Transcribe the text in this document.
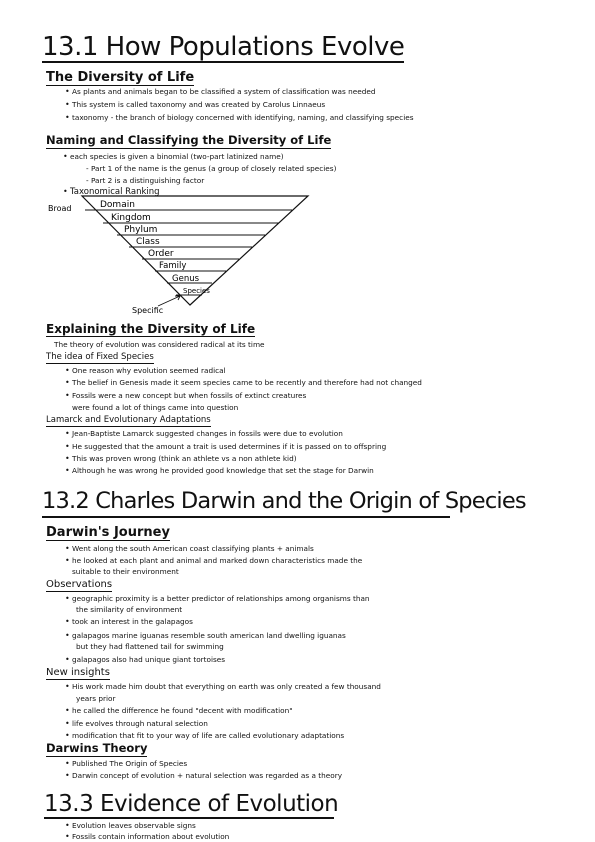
13.1 How Populations Evolve
The Diversity of Life
• As plants and animals began to be classified a system of classification was needed
• This system is called taxonomy and was created by Carolus Linnaeus
• taxonomy - the branch of biology concerned with identifying, naming, and classifying species
Naming and Classifying the Diversity of Life
• each species is given a binomial (two-part latinized name)
- Part 1 of the name is the genus (a group of closely related species)
- Part 2 is a distinguishing factor
• Taxonomical Ranking
Broad
Specific
Domain
Kingdom
Phylum
Class
Order
Family
Genus
Species
Explaining the Diversity of Life
The theory of evolution was considered radical at its time
The idea of Fixed Species
• One reason why evolution seemed radical
• The belief in Genesis made it seem species came to be recently and therefore had not changed
• Fossils were a new concept but when fossils of extinct creatures
were found a lot of things came into question
Lamarck and Evolutionary Adaptations
• Jean-Baptiste Lamarck suggested changes in fossils were due to evolution
• He suggested that the amount a trait is used determines if it is passed on to offspring
• This was proven wrong (think an athlete vs a non athlete kid)
• Although he was wrong he provided good knowledge that set the stage for Darwin
13.2 Charles Darwin and the Origin of Species
Darwin's Journey
• Went along the south American coast classifying plants + animals
• he looked at each plant and animal and marked down characteristics made the
suitable to their environment
Observations
• geographic proximity is a better predictor of relationships among organisms than
the similarity of environment
• took an interest in the galapagos
• galapagos marine iguanas resemble south american land dwelling iguanas
but they had flattened tail for swimming
• galapagos also had unique giant tortoises
New insights
• His work made him doubt that everything on earth was only created a few thousand
years prior
• he called the difference he found "decent with modification"
• life evolves through natural selection
• modification that fit to your way of life are called evolutionary adaptations
Darwins Theory
• Published The Origin of Species
• Darwin concept of evolution + natural selection was regarded as a theory
13.3 Evidence of Evolution
• Evolution leaves observable signs
• Fossils contain information about evolution
